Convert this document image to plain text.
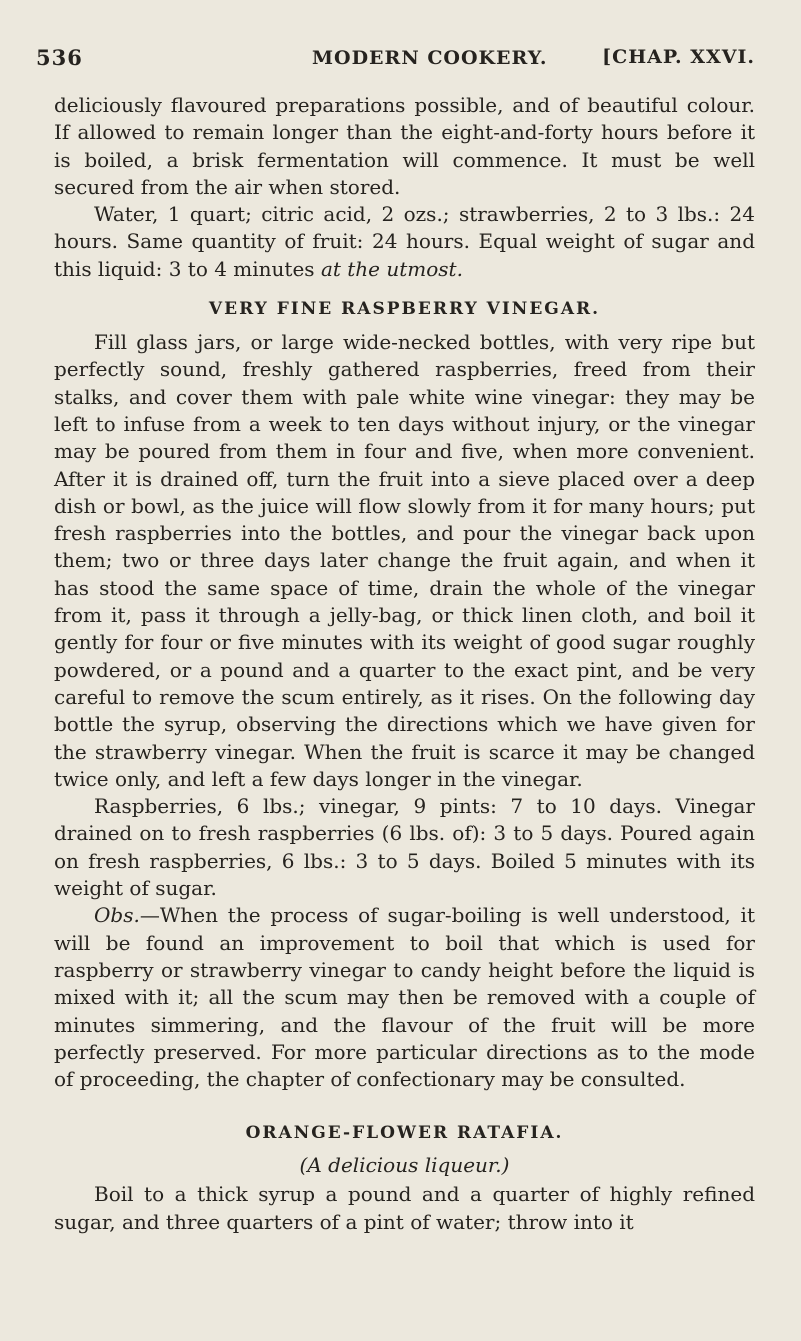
536	MODERN COOKERY.	[CHAP. XXVI.

deliciously flavoured preparations possible, and of beautiful colour. If allowed to remain longer than the eight-and-forty hours before it is boiled, a brisk fermentation will commence. It must be well secured from the air when stored.

Water, 1 quart; citric acid, 2 ozs.; strawberries, 2 to 3 lbs.: 24 hours. Same quantity of fruit: 24 hours. Equal weight of sugar and this liquid: 3 to 4 minutes at the utmost.

VERY FINE RASPBERRY VINEGAR.

Fill glass jars, or large wide-necked bottles, with very ripe but perfectly sound, freshly gathered raspberries, freed from their stalks, and cover them with pale white wine vinegar: they may be left to infuse from a week to ten days without injury, or the vinegar may be poured from them in four and five, when more convenient. After it is drained off, turn the fruit into a sieve placed over a deep dish or bowl, as the juice will flow slowly from it for many hours; put fresh raspberries into the bottles, and pour the vinegar back upon them; two or three days later change the fruit again, and when it has stood the same space of time, drain the whole of the vinegar from it, pass it through a jelly-bag, or thick linen cloth, and boil it gently for four or five minutes with its weight of good sugar roughly powdered, or a pound and a quarter to the exact pint, and be very careful to remove the scum entirely, as it rises. On the following day bottle the syrup, observing the directions which we have given for the strawberry vinegar. When the fruit is scarce it may be changed twice only, and left a few days longer in the vinegar.

Raspberries, 6 lbs.; vinegar, 9 pints: 7 to 10 days. Vinegar drained on to fresh raspberries (6 lbs. of): 3 to 5 days. Poured again on fresh raspberries, 6 lbs.: 3 to 5 days. Boiled 5 minutes with its weight of sugar.

Obs.—When the process of sugar-boiling is well understood, it will be found an improvement to boil that which is used for raspberry or strawberry vinegar to candy height before the liquid is mixed with it; all the scum may then be removed with a couple of minutes simmering, and the flavour of the fruit will be more perfectly preserved. For more particular directions as to the mode of proceeding, the chapter of confectionary may be consulted.

ORANGE-FLOWER RATAFIA.
(A delicious liqueur.)

Boil to a thick syrup a pound and a quarter of highly refined sugar, and three quarters of a pint of water; throw into it
